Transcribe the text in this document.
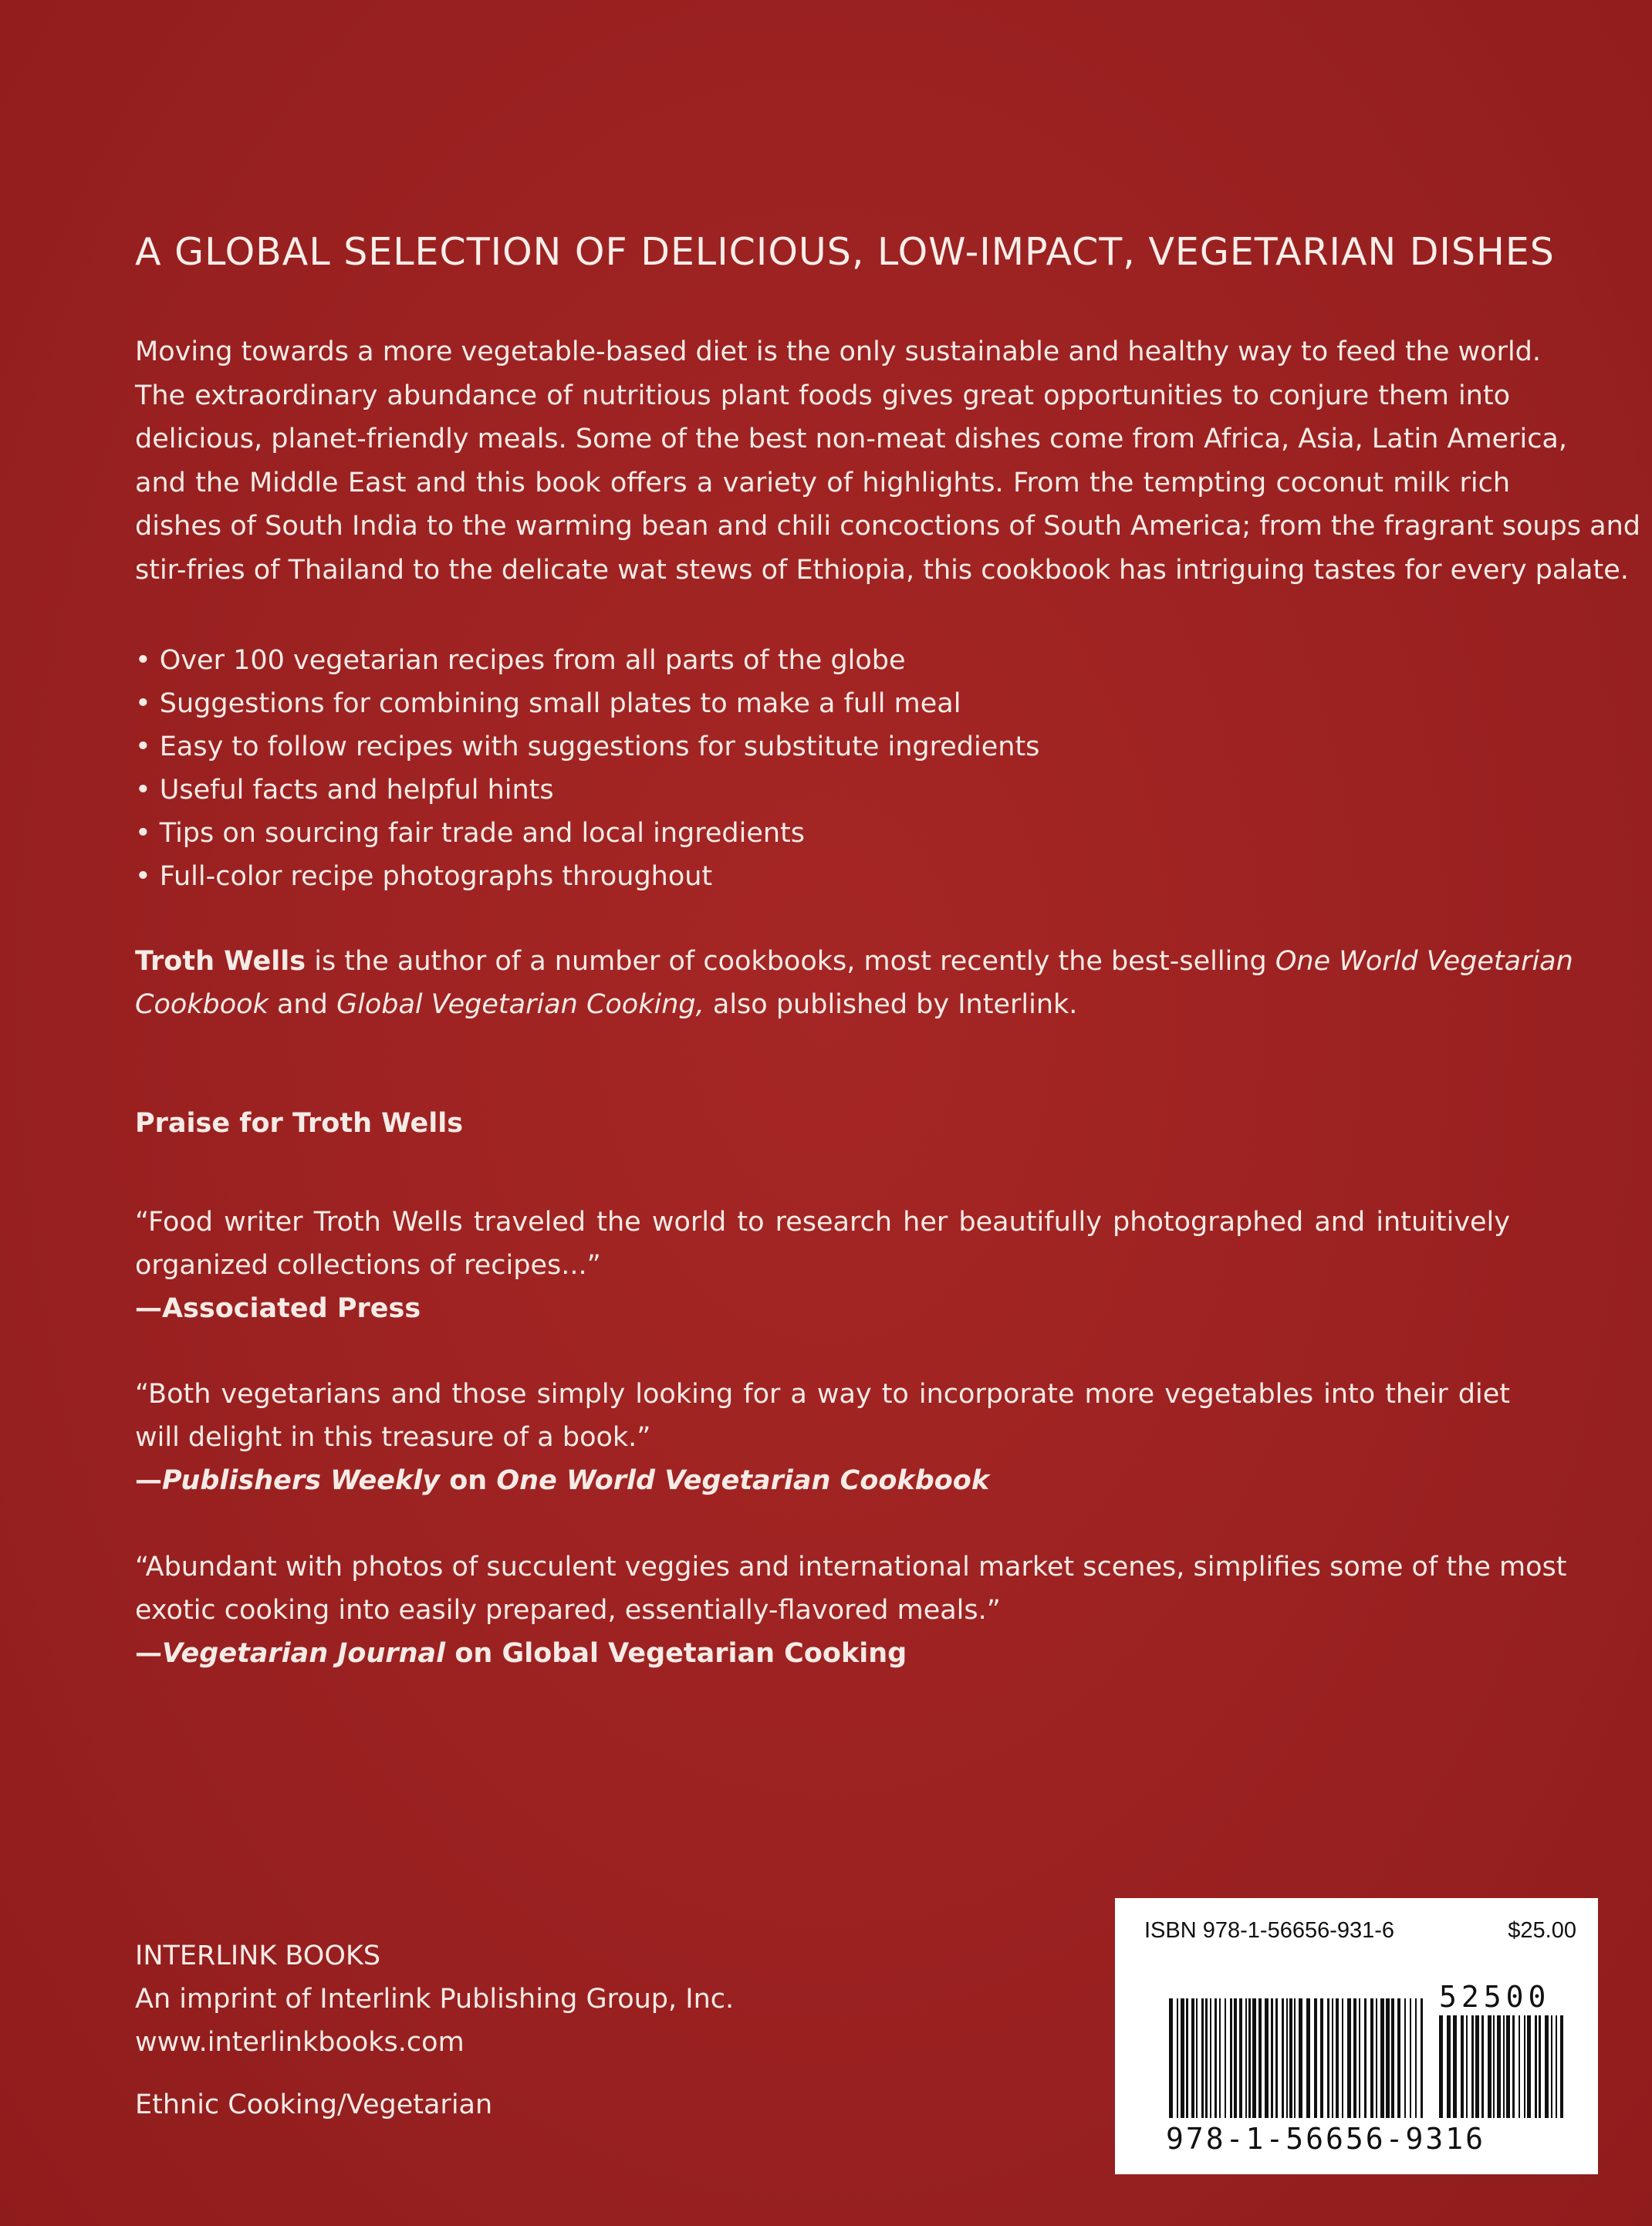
A GLOBAL SELECTION OF DELICIOUS, LOW-IMPACT, VEGETARIAN DISHES
Moving towards a more vegetable-based diet is the only sustainable and healthy way to feed the world.
The extraordinary abundance of nutritious plant foods gives great opportunities to conjure them into
delicious, planet-friendly meals. Some of the best non-meat dishes come from Africa, Asia, Latin America,
and the Middle East and this book offers a variety of highlights. From the tempting coconut milk rich
dishes of South India to the warming bean and chili concoctions of South America; from the fragrant soups and
stir-fries of Thailand to the delicate wat stews of Ethiopia, this cookbook has intriguing tastes for every palate.
• Over 100 vegetarian recipes from all parts of the globe
• Suggestions for combining small plates to make a full meal
• Easy to follow recipes with suggestions for substitute ingredients
• Useful facts and helpful hints
• Tips on sourcing fair trade and local ingredients
• Full-color recipe photographs throughout
Troth Wells is the author of a number of cookbooks, most recently the best-selling One World Vegetarian
Cookbook and Global Vegetarian Cooking, also published by Interlink.
Praise for Troth Wells
“Food writer Troth Wells traveled the world to research her beautifully photographed and intuitively
organized collections of recipes...”
—Associated Press
“Both vegetarians and those simply looking for a way to incorporate more vegetables into their diet
will delight in this treasure of a book.”
—Publishers Weekly on One World Vegetarian Cookbook
“Abundant with photos of succulent veggies and international market scenes, simplifies some of the most
exotic cooking into easily prepared, essentially-flavored meals.”
—Vegetarian Journal on Global Vegetarian Cooking
INTERLINK BOOKS
An imprint of Interlink Publishing Group, Inc.
www.interlinkbooks.com
Ethnic Cooking/Vegetarian
ISBN 978-1-56656-931-6	$25.00
52500
978-1-56656-9316
